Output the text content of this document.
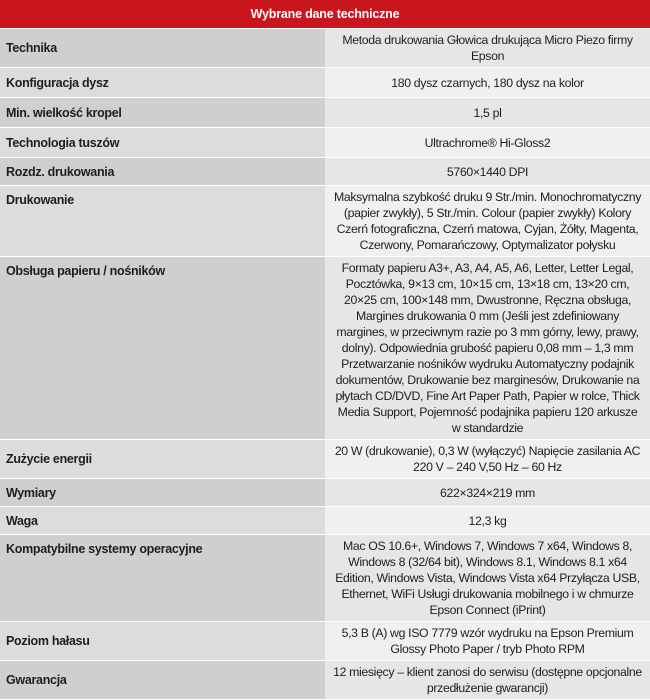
Wybrane dane techniczne	
Technika	Metoda drukowania Głowica drukująca Micro Piezo firmy Epson
Konfiguracja dysz	180 dysz czarnych, 180 dysz na kolor
Min. wielkość kropel	1,5 pl
Technologia tuszów	Ultrachrome® Hi-Gloss2
Rozdz. drukowania	5760×1440 DPI
Drukowanie	Maksymalna szybkość druku 9 Str./min. Monochromatyczny (papier zwykły), 5 Str./min. Colour (papier zwykły) Kolory Czerń fotograficzna, Czerń matowa, Cyjan, Żółty, Magenta, Czerwony, Pomarańczowy, Optymalizator połysku
Obsługa papieru / nośników	Formaty papieru A3+, A3, A4, A5, A6, Letter, Letter Legal, Pocztówka, 9×13 cm, 10×15 cm, 13×18 cm, 13×20 cm, 20×25 cm, 100×148 mm, Dwustronne, Ręczna obsługa, Margines drukowania 0 mm (Jeśli jest zdefiniowany margines, w przeciwnym razie po 3 mm górny, lewy, prawy, dolny). Odpowiednia grubość papieru 0,08 mm – 1,3 mm Przetwarzanie nośników wydruku Automatyczny podajnik dokumentów, Drukowanie bez marginesów, Drukowanie na płytach CD/DVD, Fine Art Paper Path, Papier w rolce, Thick Media Support, Pojemność podajnika papieru 120 arkusze w standardzie
Zużycie energii	20 W (drukowanie), 0,3 W (wyłączyć) Napięcie zasilania AC 220 V – 240 V,50 Hz – 60 Hz
Wymiary	622×324×219 mm
Waga	12,3 kg
Kompatybilne systemy operacyjne	Mac OS 10.6+, Windows 7, Windows 7 x64, Windows 8, Windows 8 (32/64 bit), Windows 8.1, Windows 8.1 x64 Edition, Windows Vista, Windows Vista x64 Przyłącza USB, Ethernet, WiFi Usługi drukowania mobilnego i w chmurze Epson Connect (iPrint)
Poziom hałasu	5,3 B (A) wg ISO 7779 wzór wydruku na Epson Premium Glossy Photo Paper / tryb Photo RPM
Gwarancja	12 miesięcy – klient zanosi do serwisu (dostępne opcjonalne przedłużenie gwarancji)
